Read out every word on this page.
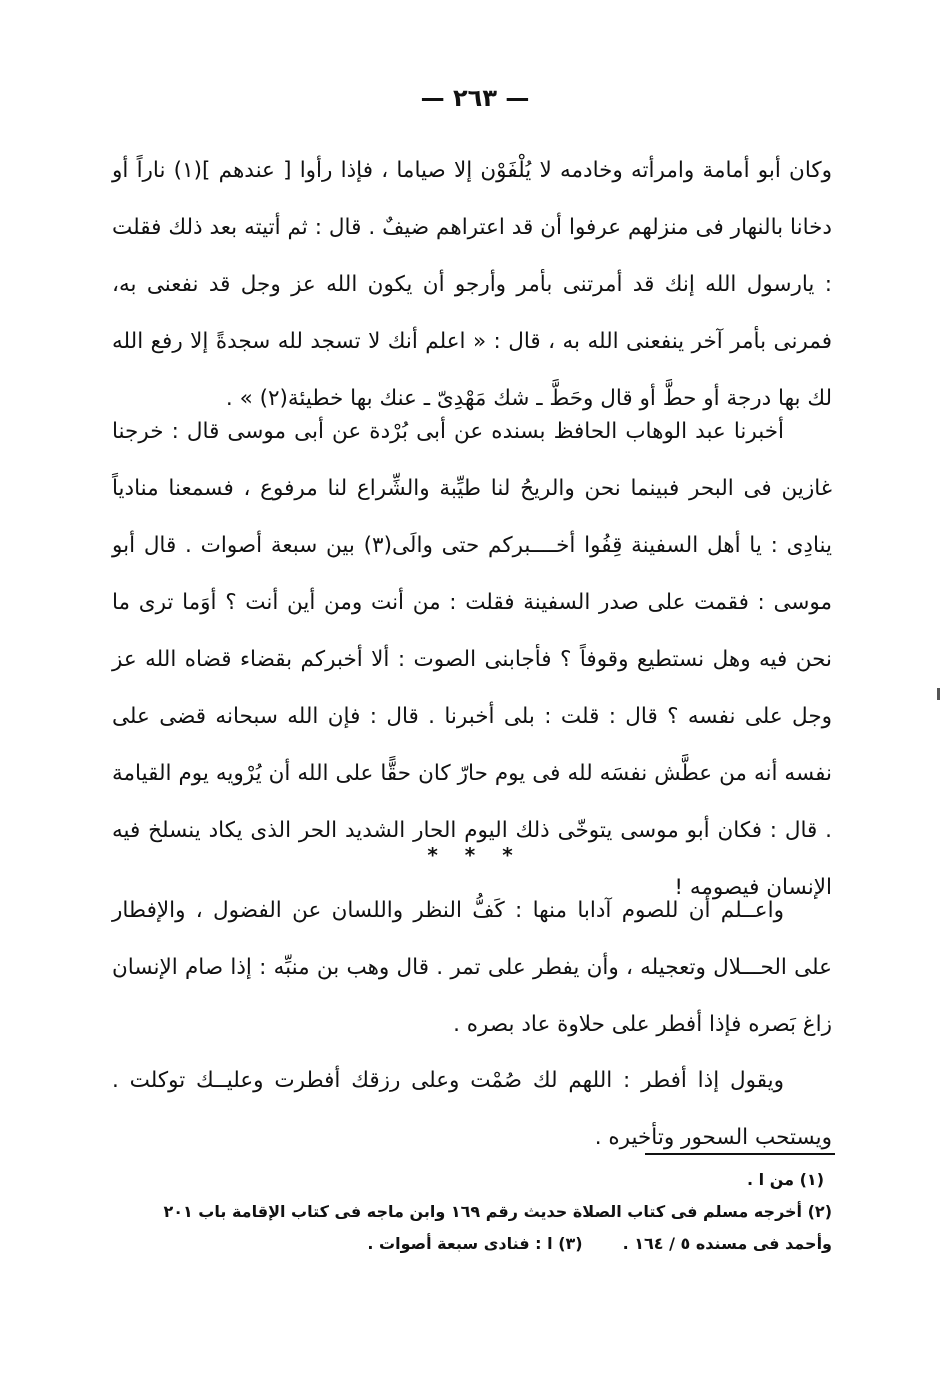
— ٢٦٣ —

وكان أبو أمامة وامرأته وخادمه لا يُلْفَوْن إلا صياما ، فإذا رأوا [ عندهم ](١) ناراً أو دخانا بالنهار فى منزلهم عرفوا أن قد اعتراهم ضيفٌ . قال : ثم أتيته بعد ذلك فقلت : يارسول الله إنك قد أمرتنى بأمر وأرجو أن يكون الله عز وجل قد نفعنى به، فمرنى بأمر آخر ينفعنى الله به ، قال : « اعلم أنك لا تسجد لله سجدةً إلا رفع الله لك بها درجة أو حطَّ أو قال وحَطَّ ـ شك مَهْدِىّ ـ عنك بها خطيئة(٢) » .

أخبرنا عبد الوهاب الحافظ بسنده عن أبى بُرْدة عن أبى موسى قال : خرجنا غازين فى البحر فبينما نحن والريحُ لنا طيِّبة والشِّراع لنا مرفوع ، فسمعنا منادياً ينادِى : يا أهل السفينة قِفُوا أخــــبركم حتى والَى(٣) بين سبعة أصوات . قال أبو موسى : فقمت على صدر السفينة فقلت : من أنت ومن أين أنت ؟ أوَما ترى ما نحن فيه وهل نستطيع وقوفاً ؟ فأجابنى الصوت : ألا أخبركم بقضاء قضاه الله عز وجل على نفسه ؟ قال : قلت : بلى أخبرنا . قال : فإن الله سبحانه قضى على نفسه أنه من عطَّش نفسَه لله فى يوم حارّ كان حقًّا على الله أن يُرْويه يوم القيامة . قال : فكان أبو موسى يتوخّى ذلك اليوم الحار الشديد الحر الذى يكاد ينسلخ فيه الإنسان فيصومه !

* * *

واعــلم أن للصوم آدابا منها : كَفُّ النظر واللسان عن الفضول ، والإفطار على الحـــلال وتعجيله ، وأن يفطر على تمر . قال وهب بن منبِّه : إذا صام الإنسان زاغ بَصره فإذا أفطر على حلاوة عاد بصره .

ويقول إذا أفطر : اللهم لك صُمْت وعلى رزقك أفطرت وعليــك توكلت . ويستحب السحور وتأخيره .

(١) من ا .

(٢) أخرجه مسلم فى كتاب الصلاة حديث رقم ١٦٩ وابن ماجه فى كتاب الإقامة باب ٢٠١

وأحمد فى مسنده ٥ / ١٦٤ .(٣) ا : فنادى سبعة أصوات .
